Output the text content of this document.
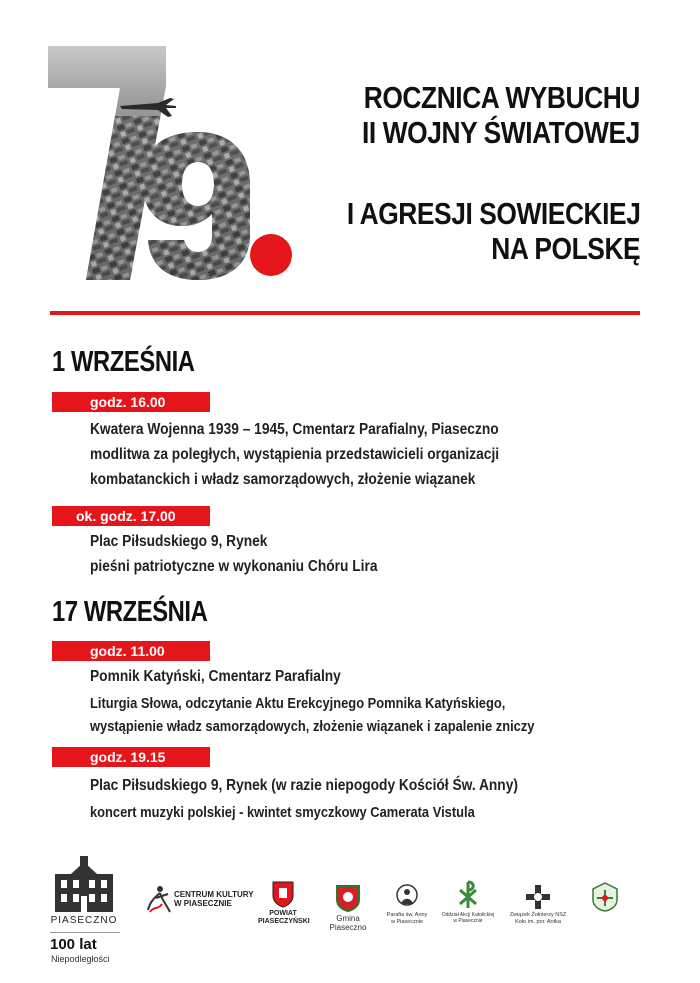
ROCZNICA WYBUCHU
II WOJNY ŚWIATOWEJ
I AGRESJI SOWIECKIEJ
NA POLSKĘ
1 WRZEŚNIA
godz. 16.00
Kwatera Wojenna 1939 – 1945, Cmentarz Parafialny, Piaseczno
modlitwa za poległych, wystąpienia przedstawicieli organizacji
kombatanckich i władz samorządowych, złożenie wiązanek
ok. godz. 17.00
Plac Piłsudskiego 9, Rynek
pieśni patriotyczne w wykonaniu Chóru Lira
17 WRZEŚNIA
godz. 11.00
Pomnik Katyński, Cmentarz Parafialny
Liturgia Słowa, odczytanie Aktu Erekcyjnego Pomnika Katyńskiego,
wystąpienie władz samorządowych, złożenie wiązanek i zapalenie zniczy
godz. 19.15
Plac Piłsudskiego 9, Rynek (w razie niepogody Kościół Św. Anny)
koncert muzyki polskiej - kwintet smyczkowy Camerata Vistula
PIASECZNO
100 lat
Niepodległości
CENTRUM KULTURY
W PIASECZNIE
POWIAT
PIASECZYŃSKI	Gmina Piaseczno
Parafia św. Anny
w Piasecznie
Oddział Akcji Katolickiej
w Piasecznie
Związek Żołnierzy NSZ
Koło im. por. Antka
